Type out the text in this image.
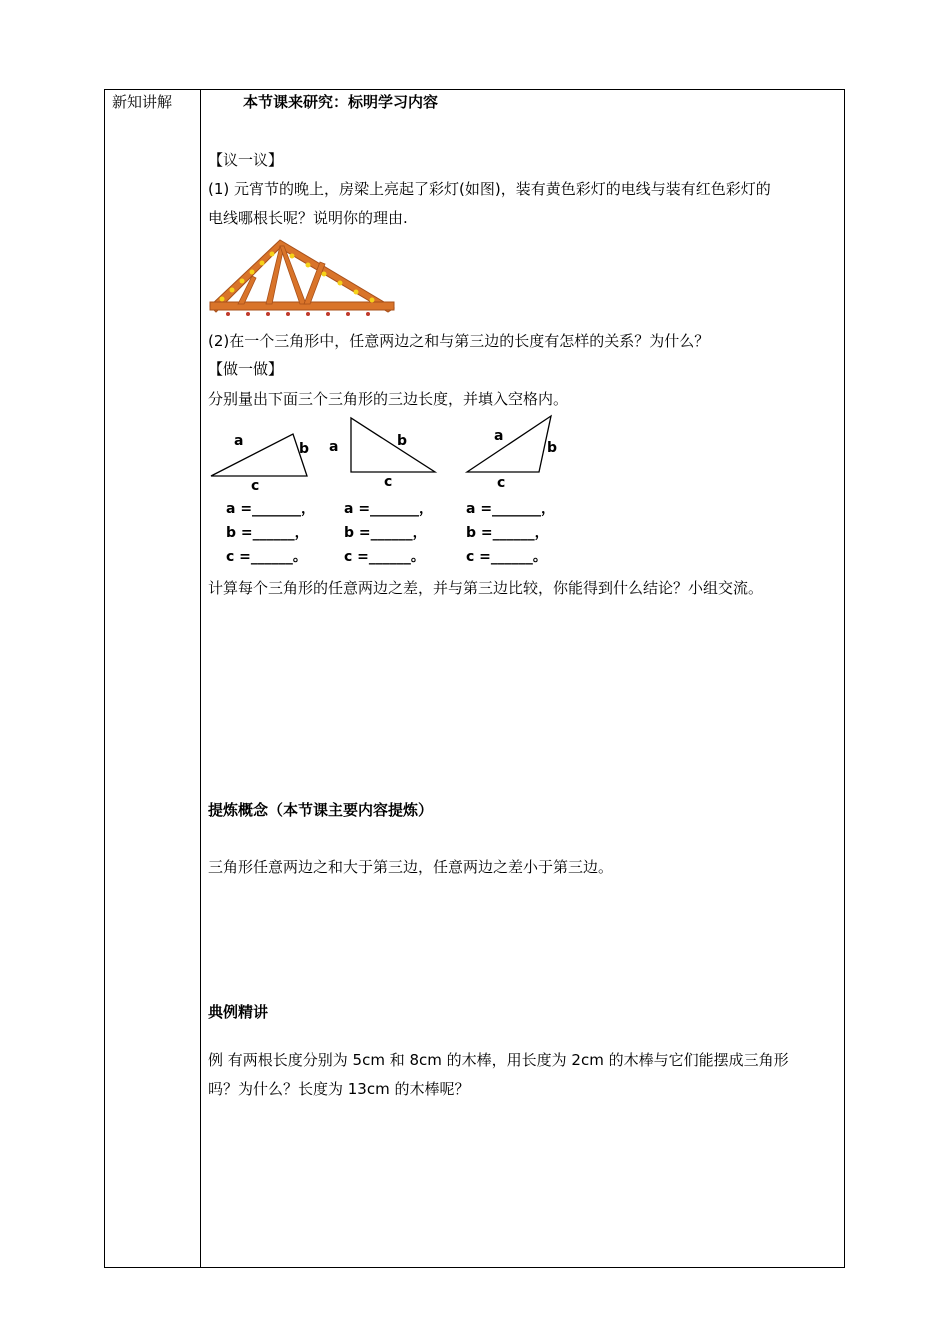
新知讲解	本节课来研究：标明学习内容
【议一议】
(1) 元宵节的晚上，房梁上亮起了彩灯(如图)，装有黄色彩灯的电线与装有红色彩灯的
电线哪根长呢？说明你的理由.
(2)在一个三角形中，任意两边之和与第三边的长度有怎样的关系？为什么？
【做一做】
分别量出下面三个三角形的三边长度，并填入空格内。
a	b
c
a	b
c
a
b
c
a =_______，
b =______，
c =______。
a =_______，
b =______，
c =______。
a =_______，
b =______，
c =______。
计算每个三角形的任意两边之差，并与第三边比较，你能得到什么结论？小组交流。
提炼概念（本节课主要内容提炼）
三角形任意两边之和大于第三边，任意两边之差小于第三边。
典例精讲
例 有两根长度分别为 5cm 和 8cm 的木棒，用长度为 2cm 的木棒与它们能摆成三角形
吗？为什么？长度为 13cm 的木棒呢？
